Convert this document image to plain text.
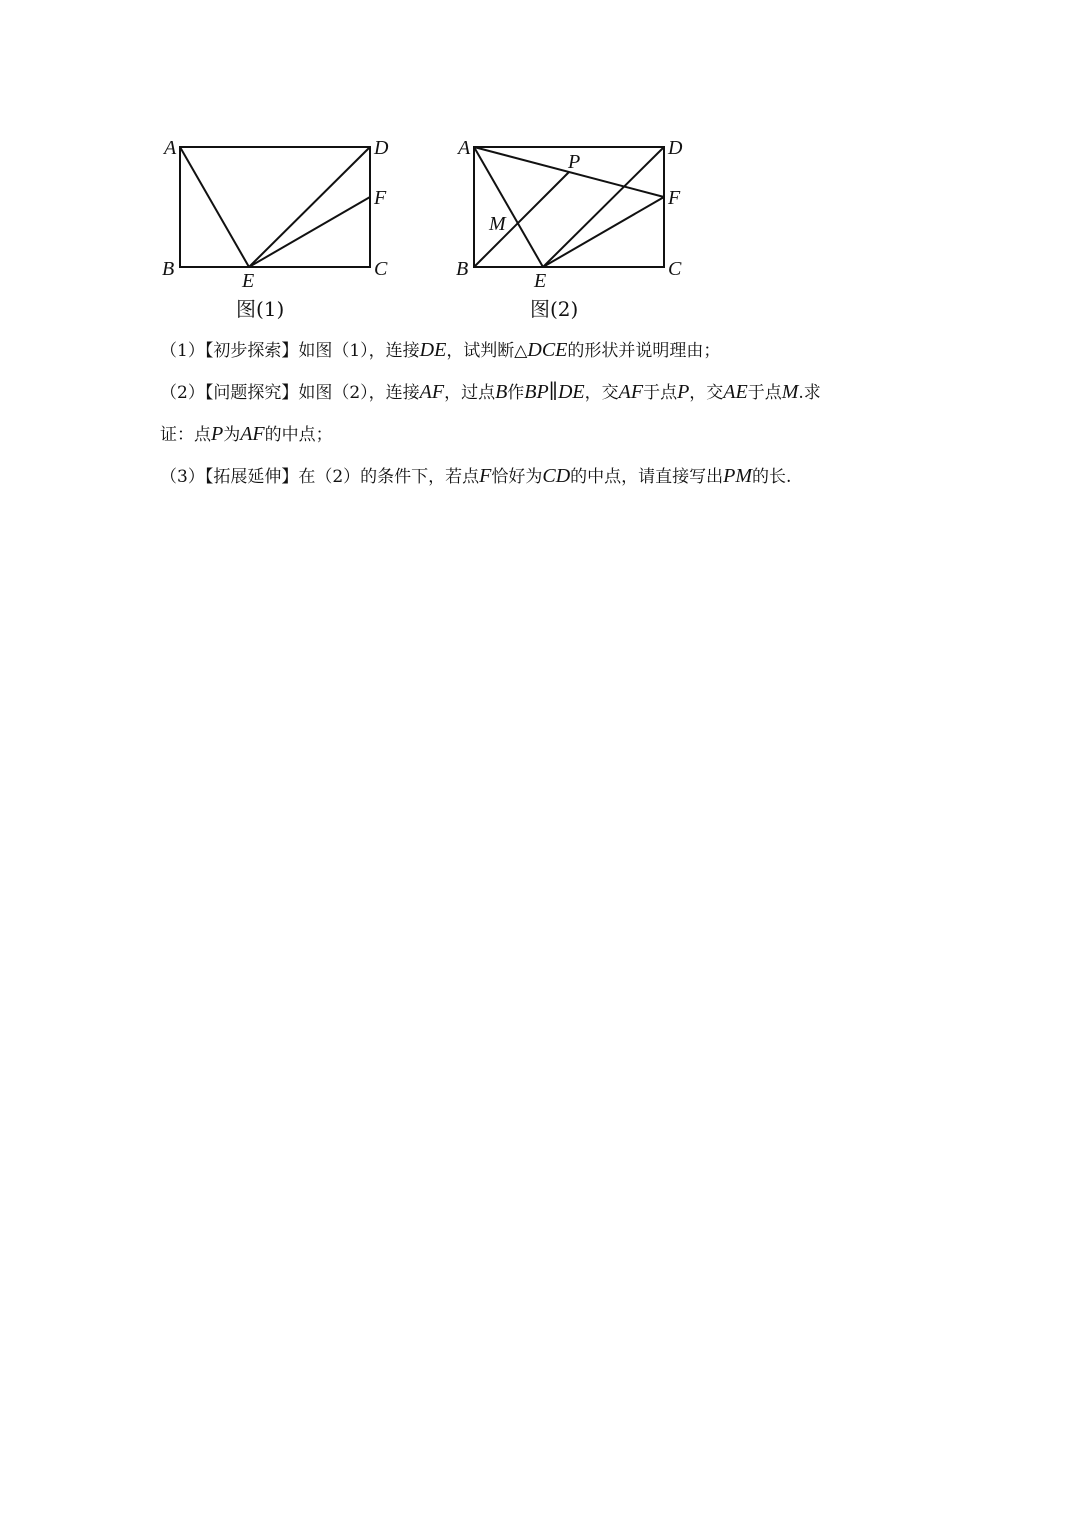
A	D
F
B
E
C
图(1)
A
P
D
F
M
B
E
C
图(2)

（1）【初步探索】如图（1），连接DE，试判断△DCE的形状并说明理由；

（2）【问题探究】如图（2），连接AF，过点B作BP∥DE，交AF于点P，交AE于点M.求

证：点P为AF的中点；

（3）【拓展延伸】在（2）的条件下，若点F恰好为CD的中点，请直接写出PM的长.
